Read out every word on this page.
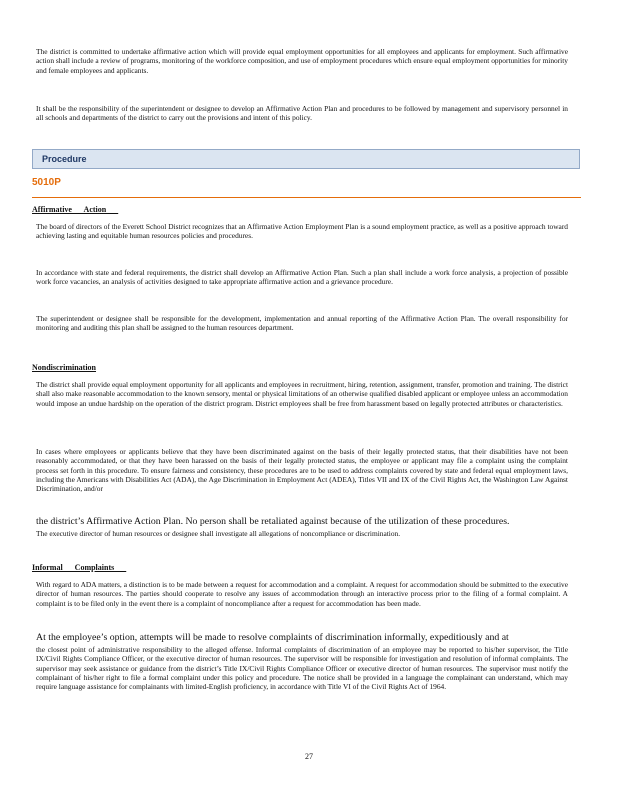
The district is committed to undertake affirmative action which will provide equal employment opportunities for all employees and applicants for employment. Such affirmative action shall include a review of programs, monitoring of the workforce composition, and use of employment procedures which ensure equal employment opportunities for minority and female employees and applicants.

It shall be the responsibility of the superintendent or designee to develop an Affirmative Action Plan and procedures to be followed by management and supervisory personnel in all schools and departments of the district to carry out the provisions and intent of this policy.

Procedure
5010P
Affirmative      Action

The board of directors of the Everett School District recognizes that an Affirmative Action Employment Plan is a sound employment practice, as well as a positive approach toward achieving lasting and equitable human resources policies and procedures.

In accordance with state and federal requirements, the district shall develop an Affirmative Action Plan. Such a plan shall include a work force analysis, a projection of possible work force vacancies, an analysis of activities designed to take appropriate affirmative action and a grievance procedure.

The superintendent or designee shall be responsible for the development, implementation and annual reporting of the Affirmative Action Plan. The overall responsibility for monitoring and auditing this plan shall be assigned to the human resources department.

Nondiscrimination

The district shall provide equal employment opportunity for all applicants and employees in recruitment, hiring, retention, assignment, transfer, promotion and training. The district shall also make reasonable accommodation to the known sensory, mental or physical limitations of an otherwise qualified disabled applicant or employee unless an accommodation would impose an undue hardship on the operation of the district program. District employees shall be free from harassment based on legally protected attributes or characteristics.

In cases where employees or applicants believe that they have been discriminated against on the basis of their legally protected status, that their disabilities have not been reasonably accommodated, or that they have been harassed on the basis of their legally protected status, the employee or applicant may file a complaint using the complaint process set forth in this procedure. To ensure fairness and consistency, these procedures are to be used to address complaints covered by state and federal equal employment laws, including the Americans with Disabilities Act (ADA), the Age Discrimination in Employment Act (ADEA), Titles VII and IX of the Civil Rights Act, the Washington Law Against Discrimination, and/or

the district’s Affirmative Action Plan. No person shall be retaliated against because of the utilization of these procedures.

The executive director of human resources or designee shall investigate all allegations of noncompliance or discrimination.

Informal      Complaints

With regard to ADA matters, a distinction is to be made between a request for accommodation and a complaint. A request for accommodation should be submitted to the executive director of human resources. The parties should cooperate to resolve any issues of accommodation through an interactive process prior to the filing of a formal complaint. A complaint is to be filed only in the event there is a complaint of noncompliance after a request for accommodation has been made.

At the employee’s option, attempts will be made to resolve complaints of discrimination informally, expeditiously and at

the closest point of administrative responsibility to the alleged offense. Informal complaints of discrimination of an employee may be reported to his/her supervisor, the Title IX/Civil Rights Compliance Officer, or the executive director of human resources. The supervisor will be responsible for investigation and resolution of informal complaints. The supervisor may seek assistance or guidance from the district’s Title IX/Civil Rights Compliance Officer or executive director of human resources. The supervisor must notify the complainant of his/her right to file a formal complaint under this policy and procedure. The notice shall be provided in a language the complainant can understand, which may require language assistance for complainants with limited-English proficiency, in accordance with Title VI of the Civil Rights Act of 1964.

27
